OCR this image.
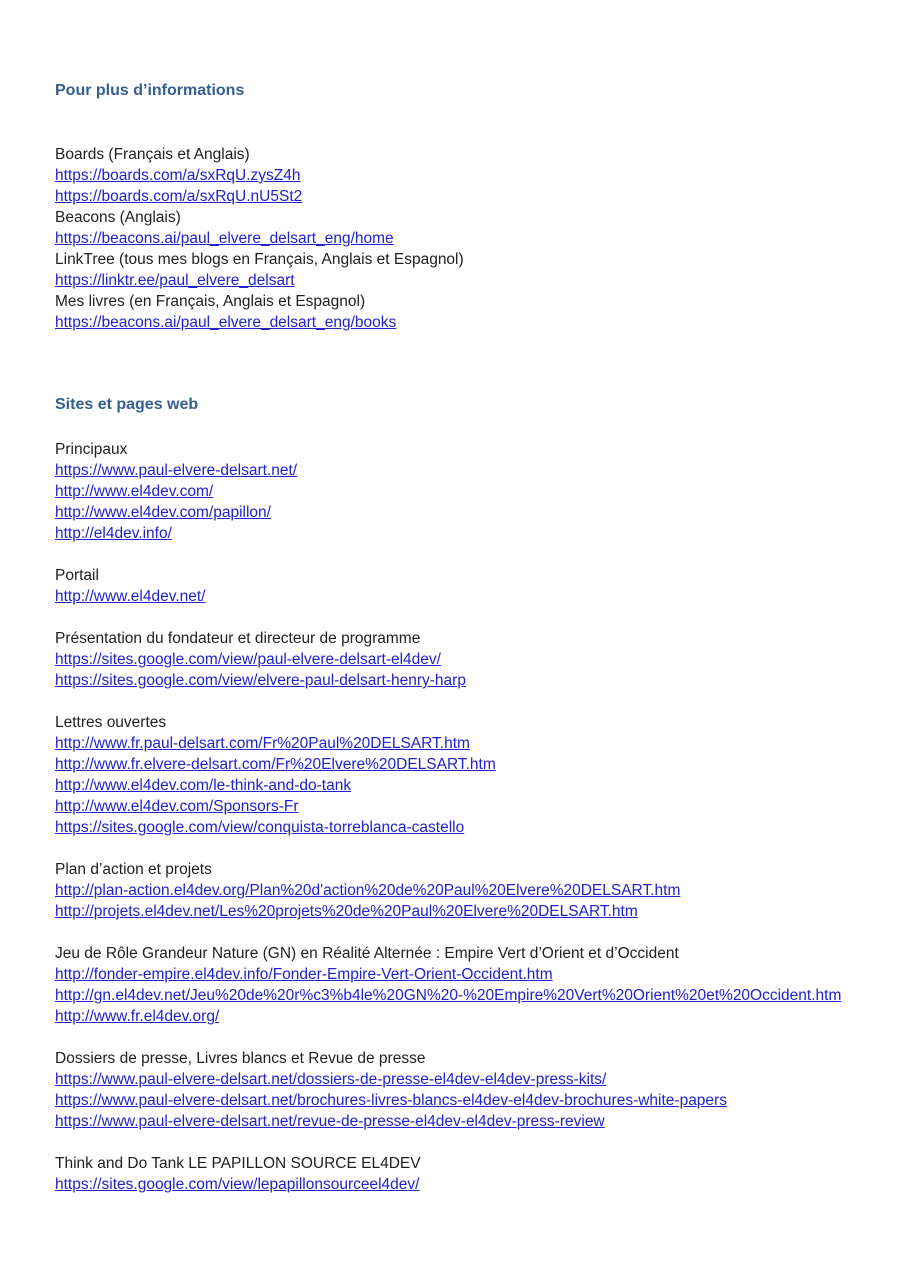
Pour plus d’informations
Boards (Français et Anglais)
https://boards.com/a/sxRqU.zysZ4h
https://boards.com/a/sxRqU.nU5St2
Beacons (Anglais)
https://beacons.ai/paul_elvere_delsart_eng/home
LinkTree (tous mes blogs en Français, Anglais et Espagnol)
https://linktr.ee/paul_elvere_delsart
Mes livres (en Français, Anglais et Espagnol)
https://beacons.ai/paul_elvere_delsart_eng/books
Sites et pages web
Principaux
https://www.paul-elvere-delsart.net/
http://www.el4dev.com/
http://www.el4dev.com/papillon/
http://el4dev.info/
Portail
http://www.el4dev.net/
Présentation du fondateur et directeur de programme
https://sites.google.com/view/paul-elvere-delsart-el4dev/
https://sites.google.com/view/elvere-paul-delsart-henry-harp
Lettres ouvertes
http://www.fr.paul-delsart.com/Fr%20Paul%20DELSART.htm
http://www.fr.elvere-delsart.com/Fr%20Elvere%20DELSART.htm
http://www.el4dev.com/le-think-and-do-tank
http://www.el4dev.com/Sponsors-Fr
https://sites.google.com/view/conquista-torreblanca-castello
Plan d’action et projets
http://plan-action.el4dev.org/Plan%20d'action%20de%20Paul%20Elvere%20DELSART.htm
http://projets.el4dev.net/Les%20projets%20de%20Paul%20Elvere%20DELSART.htm
Jeu de Rôle Grandeur Nature (GN) en Réalité Alternée : Empire Vert d’Orient et d’Occident
http://fonder-empire.el4dev.info/Fonder-Empire-Vert-Orient-Occident.htm
http://gn.el4dev.net/Jeu%20de%20r%c3%b4le%20GN%20-%20Empire%20Vert%20Orient%20et%20Occident.htm
http://www.fr.el4dev.org/
Dossiers de presse, Livres blancs et Revue de presse
https://www.paul-elvere-delsart.net/dossiers-de-presse-el4dev-el4dev-press-kits/
https://www.paul-elvere-delsart.net/brochures-livres-blancs-el4dev-el4dev-brochures-white-papers
https://www.paul-elvere-delsart.net/revue-de-presse-el4dev-el4dev-press-review
Think and Do Tank LE PAPILLON SOURCE EL4DEV
https://sites.google.com/view/lepapillonsourceel4dev/
